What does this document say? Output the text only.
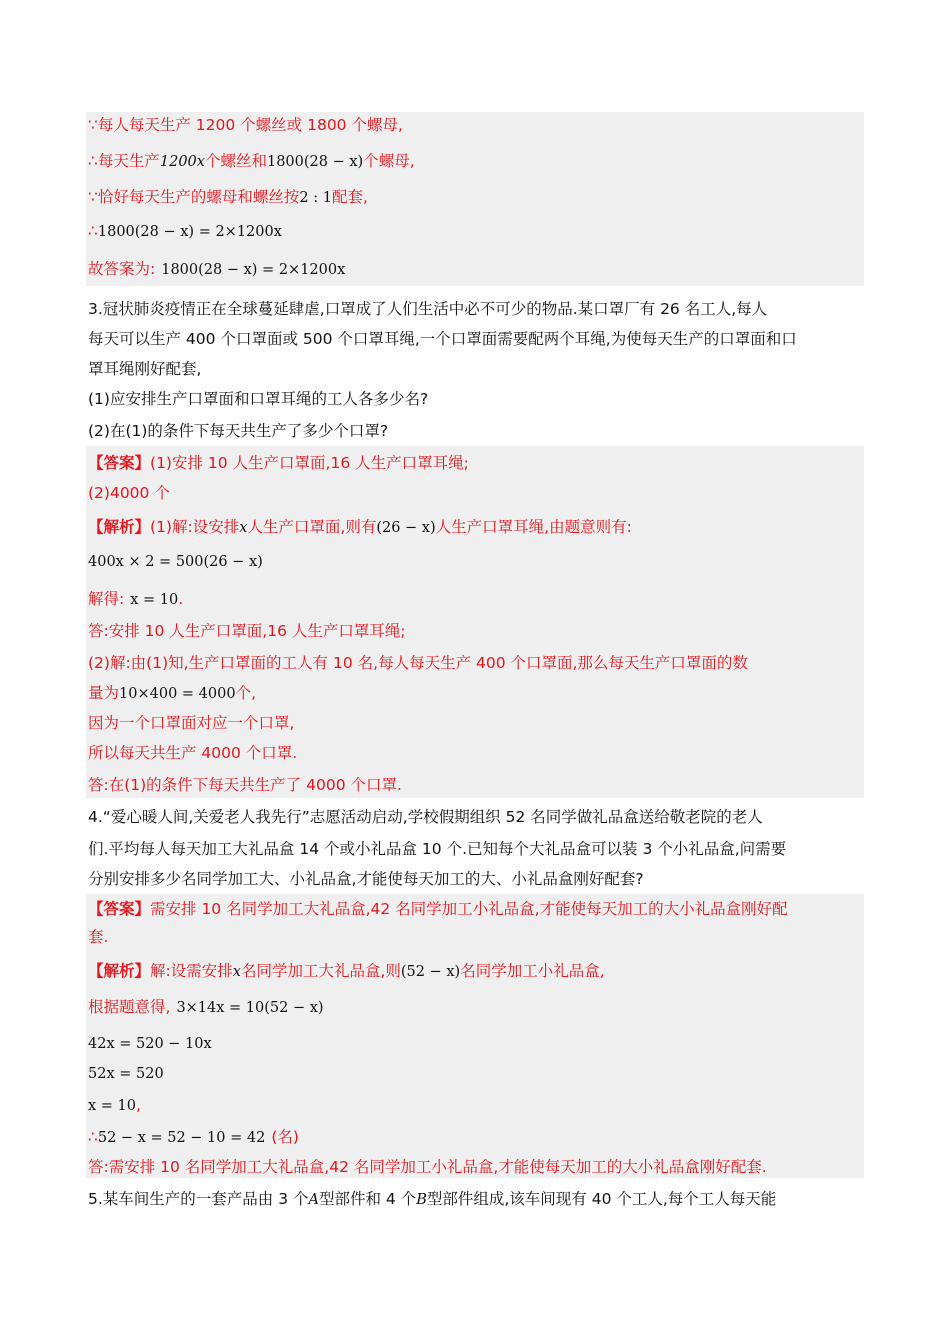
∵每人每天生产 1200 个螺丝或 1800 个螺母,
∴每天生产1200x个螺丝和1800(28 − x)个螺母,
∵恰好每天生产的螺母和螺丝按2 : 1配套,
∴1800(28 − x) = 2×1200x
故答案为: 1800(28 − x) = 2×1200x
3.冠状肺炎疫情正在全球蔓延肆虐,口罩成了人们生活中必不可少的物品.某口罩厂有 26 名工人,每人
每天可以生产 400 个口罩面或 500 个口罩耳绳,一个口罩面需要配两个耳绳,为使每天生产的口罩面和口
罩耳绳刚好配套,
(1)应安排生产口罩面和口罩耳绳的工人各多少名?
(2)在(1)的条件下每天共生产了多少个口罩?
【答案】(1)安排 10 人生产口罩面,16 人生产口罩耳绳;
(2)4000 个
【解析】(1)解:设安排x人生产口罩面,则有(26 − x)人生产口罩耳绳,由题意则有:
400x × 2 = 500(26 − x)
解得: x = 10.
答:安排 10 人生产口罩面,16 人生产口罩耳绳;
(2)解:由(1)知,生产口罩面的工人有 10 名,每人每天生产 400 个口罩面,那么每天生产口罩面的数
量为10×400 = 4000个,
因为一个口罩面对应一个口罩,
所以每天共生产 4000 个口罩.
答:在(1)的条件下每天共生产了 4000 个口罩.
4.“爱心暖人间,关爱老人我先行”志愿活动启动,学校假期组织 52 名同学做礼品盒送给敬老院的老人
们.平均每人每天加工大礼品盒 14 个或小礼品盒 10 个.已知每个大礼品盒可以装 3 个小礼品盒,问需要
分别安排多少名同学加工大、小礼品盒,才能使每天加工的大、小礼品盒刚好配套?
【答案】需安排 10 名同学加工大礼品盒,42 名同学加工小礼品盒,才能使每天加工的大小礼品盒刚好配
套.
【解析】解:设需安排x名同学加工大礼品盒,则(52 − x)名同学加工小礼品盒,
根据题意得, 3×14x = 10(52 − x)
42x = 520 − 10x
52x = 520
x = 10,
∴52 − x = 52 − 10 = 42 (名)
答:需安排 10 名同学加工大礼品盒,42 名同学加工小礼品盒,才能使每天加工的大小礼品盒刚好配套.
5.某车间生产的一套产品由 3 个A型部件和 4 个B型部件组成,该车间现有 40 个工人,每个工人每天能
